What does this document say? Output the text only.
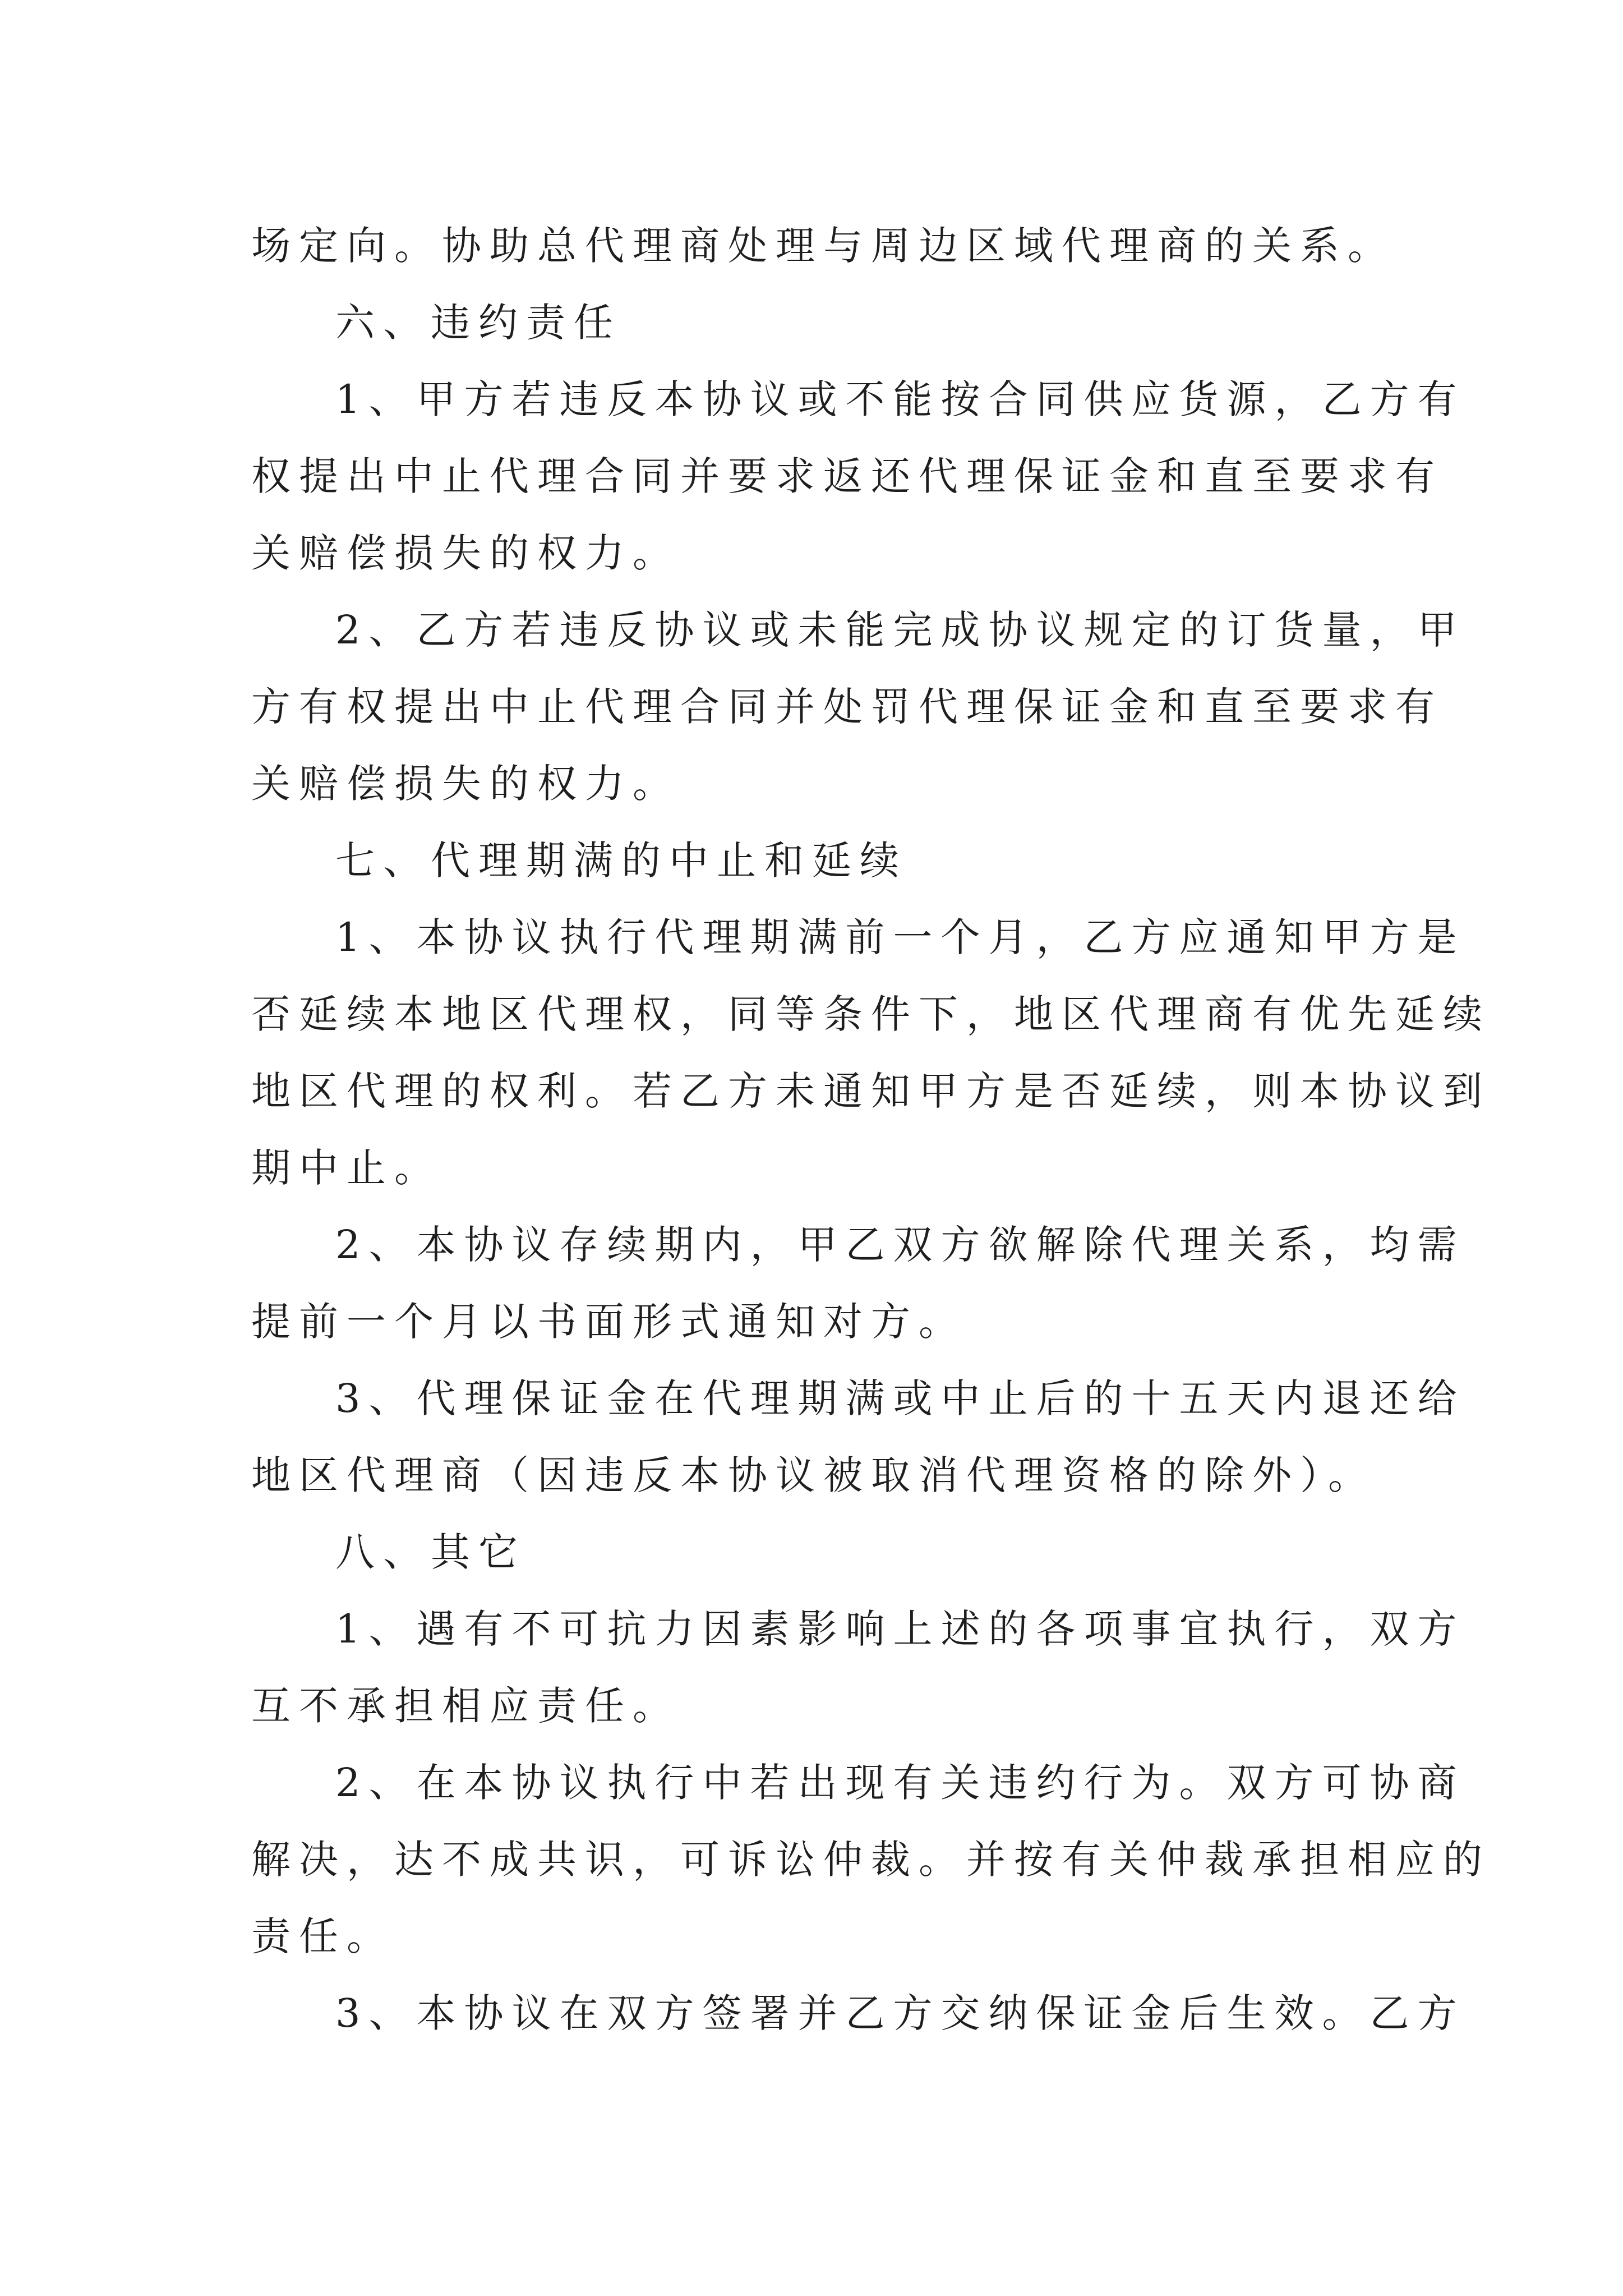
场定向。协助总代理商处理与周边区域代理商的关系。
六、违约责任
1、甲方若违反本协议或不能按合同供应货源，乙方有
权提出中止代理合同并要求返还代理保证金和直至要求有
关赔偿损失的权力。
2、乙方若违反协议或未能完成协议规定的订货量，甲
方有权提出中止代理合同并处罚代理保证金和直至要求有
关赔偿损失的权力。
七、代理期满的中止和延续
1、本协议执行代理期满前一个月，乙方应通知甲方是
否延续本地区代理权，同等条件下，地区代理商有优先延续
地区代理的权利。若乙方未通知甲方是否延续，则本协议到
期中止。
2、本协议存续期内，甲乙双方欲解除代理关系，均需
提前一个月以书面形式通知对方。
3、代理保证金在代理期满或中止后的十五天内退还给
地区代理商（因违反本协议被取消代理资格的除外）。
八、其它
1、遇有不可抗力因素影响上述的各项事宜执行，双方
互不承担相应责任。
2、在本协议执行中若出现有关违约行为。双方可协商
解决，达不成共识，可诉讼仲裁。并按有关仲裁承担相应的
责任。
3、本协议在双方签署并乙方交纳保证金后生效。乙方
